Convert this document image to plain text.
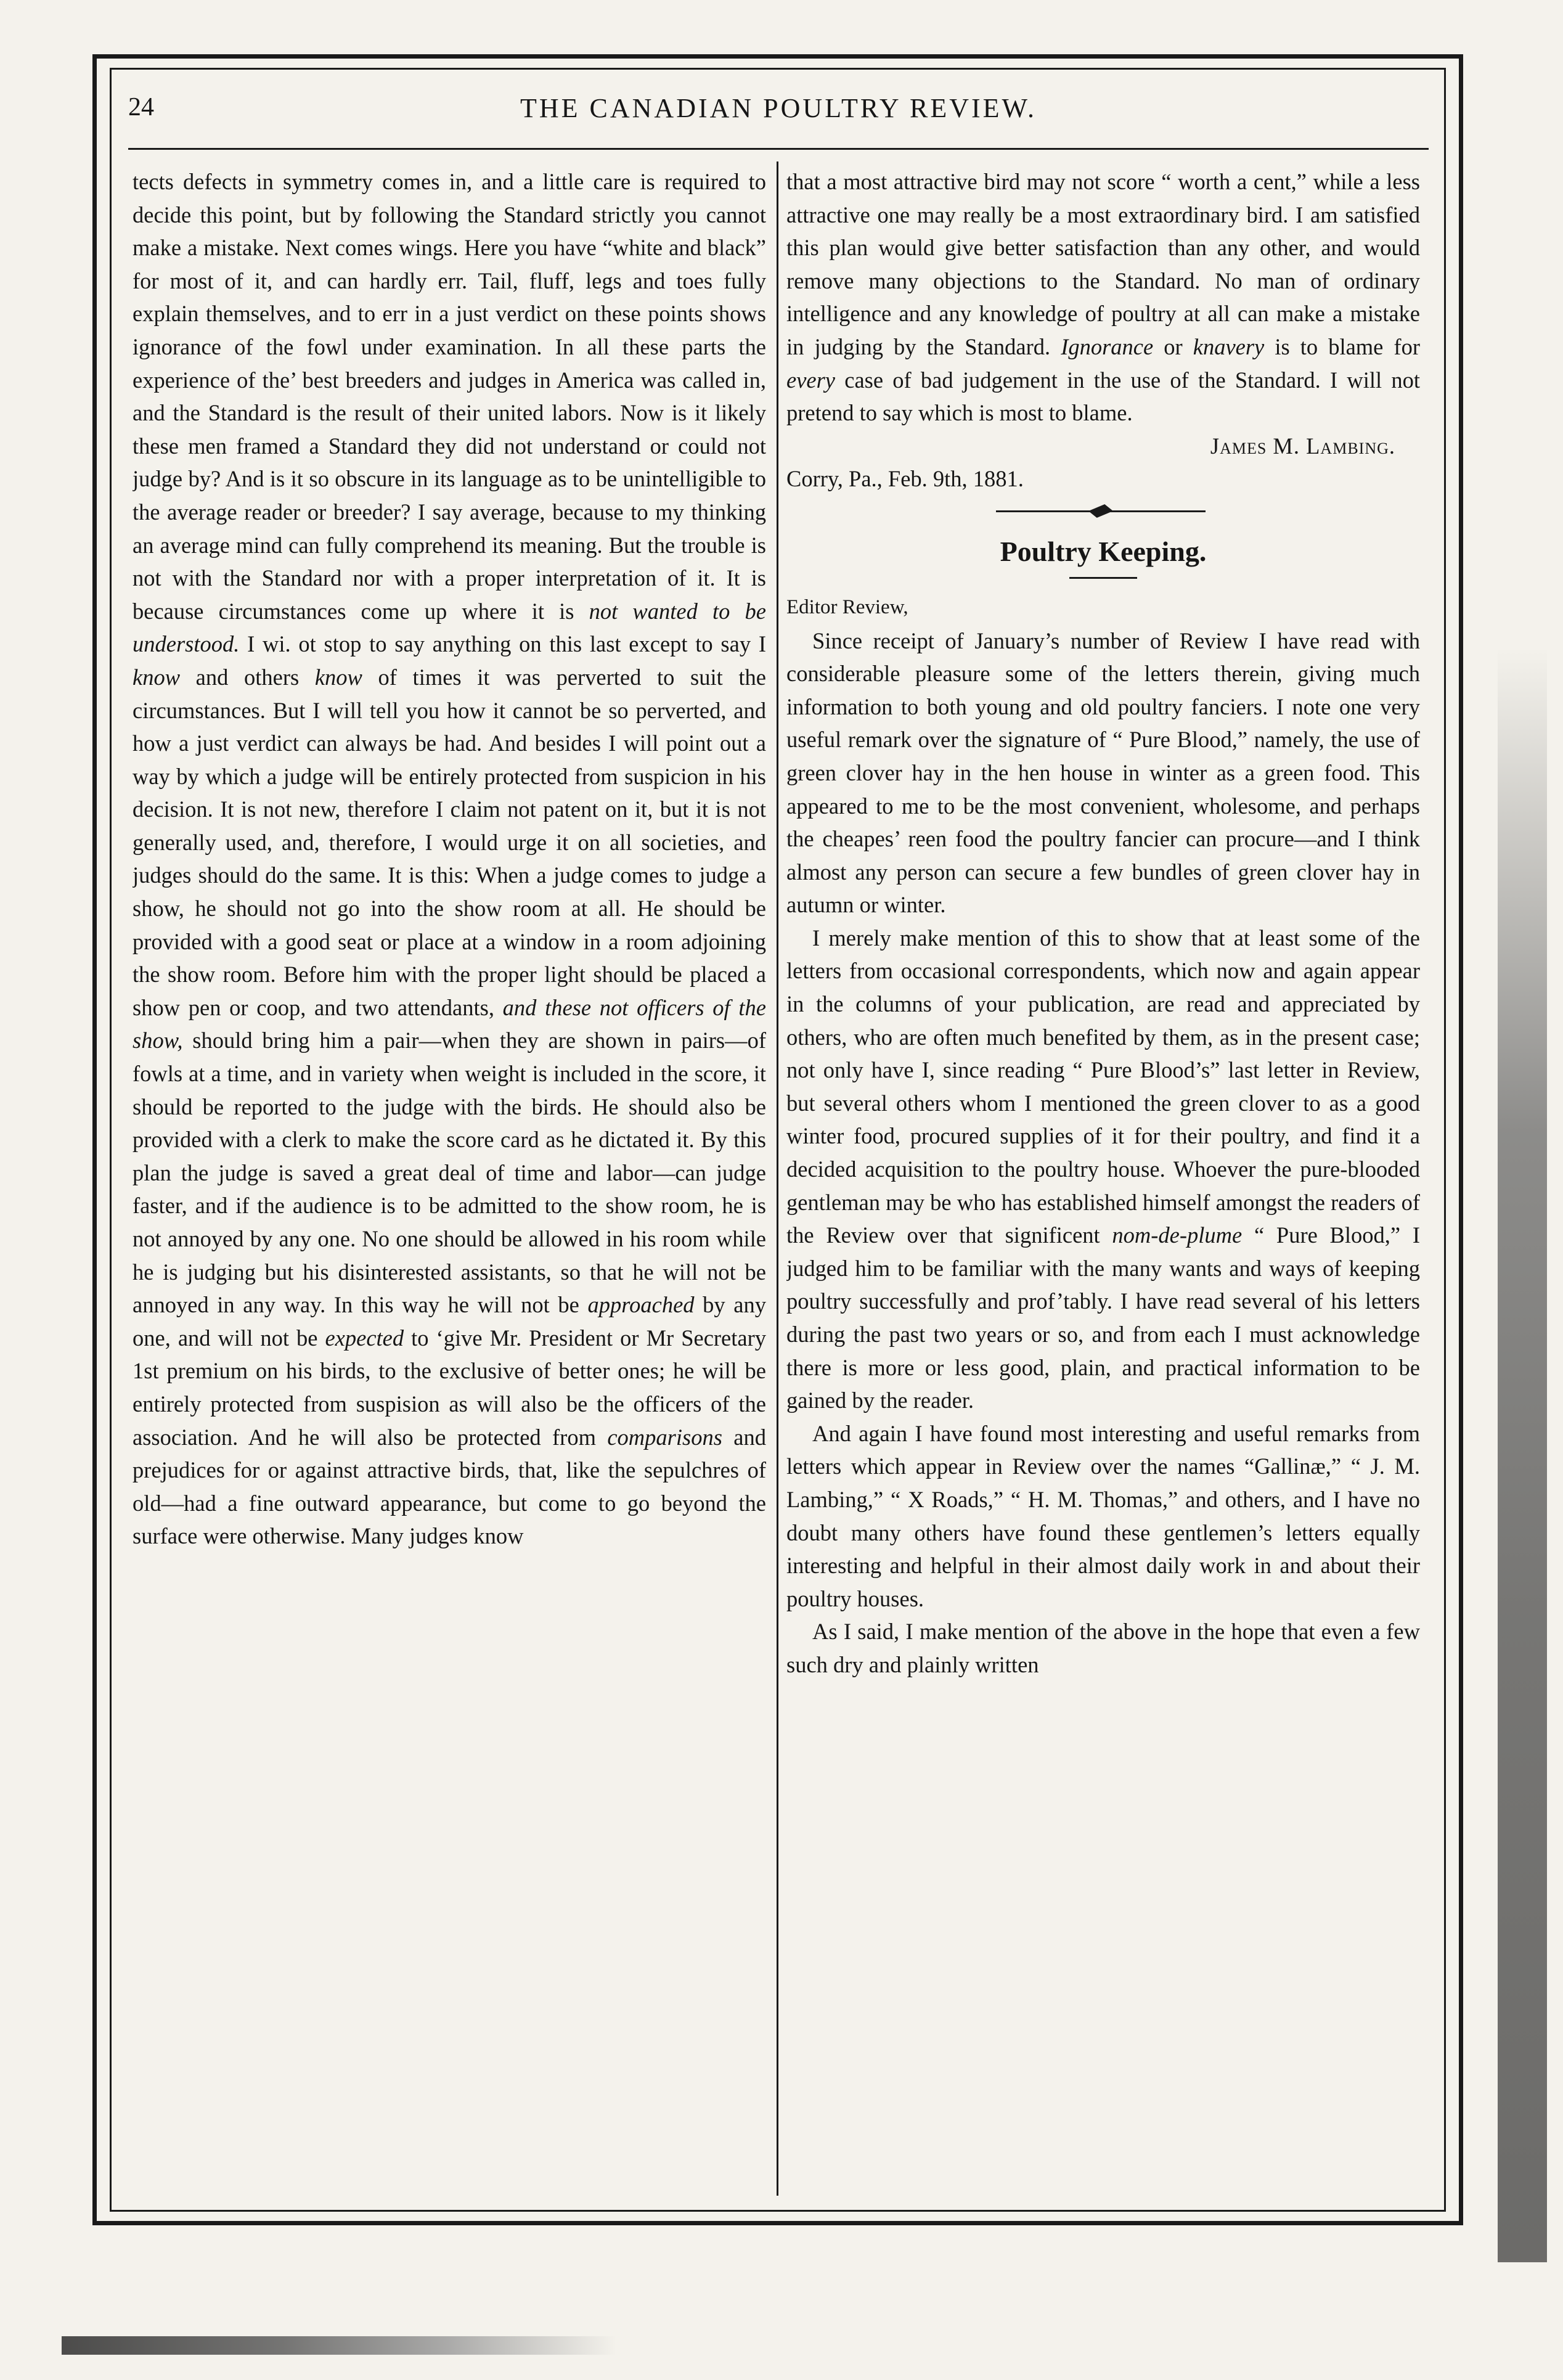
24	THE CANADIAN POULTRY REVIEW.

tects defects in symmetry comes in, and a little care is required to decide this point, but by following the Standard strictly you cannot make a mistake. Next comes wings. Here you have “white and black” for most of it, and can hardly err. Tail, fluff, legs and toes fully explain themselves, and to err in a just verdict on these points shows ignorance of the fowl under examination. In all these parts the experience of the’ best breeders and judges in America was called in, and the Standard is the result of their united labors. Now is it likely these men framed a Standard they did not understand or could not judge by? And is it so obscure in its language as to be unintelligible to the average reader or breeder? I say average, because to my thinking an average mind can fully comprehend its meaning. But the trouble is not with the Standard nor with a proper interpretation of it. It is because circumstances come up where it is not wanted to be understood. I wi. ot stop to say anything on this last except to say I know and others know of times it was perverted to suit the circumstances. But I will tell you how it cannot be so perverted, and how a just verdict can always be had. And besides I will point out a way by which a judge will be entirely protected from suspicion in his decision. It is not new, therefore I claim not patent on it, but it is not generally used, and, therefore, I would urge it on all societies, and judges should do the same. It is this: When a judge comes to judge a show, he should not go into the show room at all. He should be provided with a good seat or place at a window in a room adjoining the show room. Before him with the proper light should be placed a show pen or coop, and two attendants, and these not officers of the show, should bring him a pair—when they are shown in pairs—of fowls at a time, and in variety when weight is included in the score, it should be reported to the judge with the birds. He should also be provided with a clerk to make the score card as he dictated it. By this plan the judge is saved a great deal of time and labor—can judge faster, and if the audience is to be admitted to the show room, he is not annoyed by any one. No one should be allowed in his room while he is judging but his disinterested assistants, so that he will not be annoyed in any way. In this way he will not be approached by any one, and will not be expected to ‘give Mr. President or Mr Secretary 1st premium on his birds, to the exclusive of better ones; he will be entirely protected from suspision as will also be the officers of the association. And he will also be protected from comparisons and prejudices for or against attractive birds, that, like the sepulchres of old—had a fine outward appearance, but come to go beyond the surface were otherwise. Many judges know

that a most attractive bird may not score “ worth a cent,” while a less attractive one may really be a most extraordinary bird. I am satisfied this plan would give better satisfaction than any other, and would remove many objections to the Standard. No man of ordinary intelligence and any knowledge of poultry at all can make a mistake in judging by the Standard. Ignorance or knavery is to blame for every case of bad judgement in the use of the Standard. I will not pretend to say which is most to blame.

James M. Lambing.

Corry, Pa., Feb. 9th, 1881.

Poultry Keeping.

Editor Review,

Since receipt of January’s number of Review I have read with considerable pleasure some of the letters therein, giving much information to both young and old poultry fanciers. I note one very useful remark over the signature of “ Pure Blood,” namely, the use of green clover hay in the hen house in winter as a green food. This appeared to me to be the most convenient, wholesome, and perhaps the cheapes’ reen food the poultry fancier can procure—and I think almost any person can secure a few bundles of green clover hay in autumn or winter.

I merely make mention of this to show that at least some of the letters from occasional correspondents, which now and again appear in the columns of your publication, are read and appreciated by others, who are often much benefited by them, as in the present case; not only have I, since reading “ Pure Blood’s” last letter in Review, but several others whom I mentioned the green clover to as a good winter food, procured supplies of it for their poultry, and find it a decided acquisition to the poultry house. Whoever the pure-blooded gentleman may be who has established himself amongst the readers of the Review over that significent nom-de-plume “ Pure Blood,” I judged him to be familiar with the many wants and ways of keeping poultry successfully and prof’tably. I have read several of his letters during the past two years or so, and from each I must acknowledge there is more or less good, plain, and practical information to be gained by the reader.

And again I have found most interesting and useful remarks from letters which appear in Review over the names “Gallinæ,” “ J. M. Lambing,” “ X Roads,” “ H. M. Thomas,” and others, and I have no doubt many others have found these gentlemen’s letters equally interesting and helpful in their almost daily work in and about their poultry houses.

As I said, I make mention of the above in the hope that even a few such dry and plainly written
